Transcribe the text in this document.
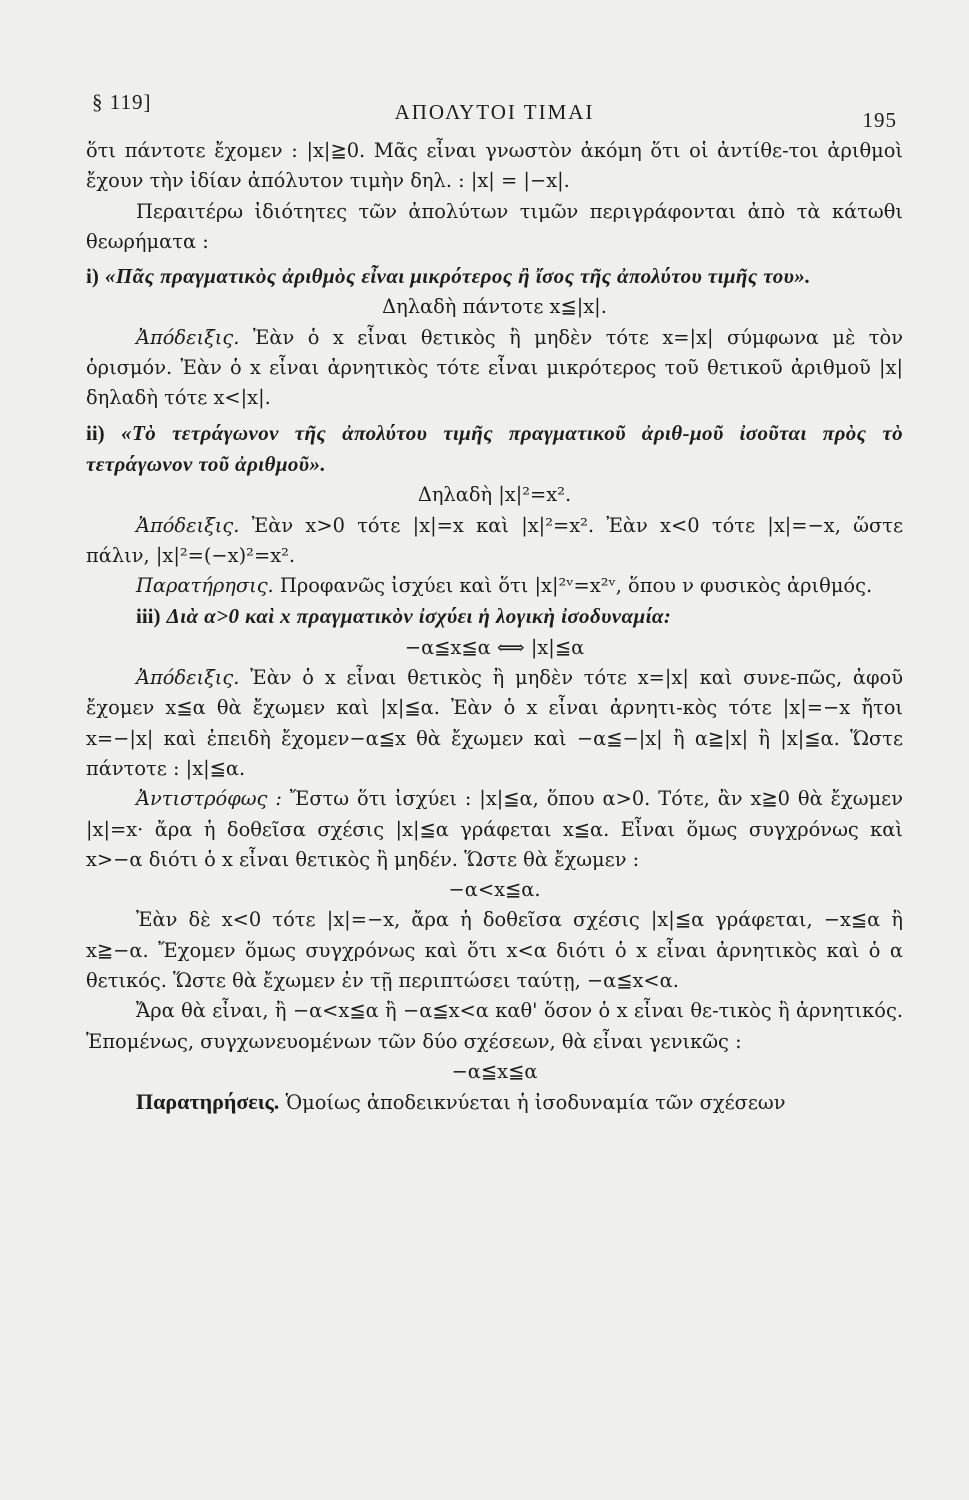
§ 119]	ΑΠΟΛΥΤΟΙ ΤΙΜΑΙ	195

ὅτι πάντοτε ἔχομεν : |x|≧0. Μᾶς εἶναι γνωστὸν ἀκόμη ὅτι οἱ ἀντίθε-τοι ἀριθμοὶ ἔχουν τὴν ἰδίαν ἀπόλυτον τιμὴν δηλ. : |x| = |−x|.

Περαιτέρω ἰδιότητες τῶν ἀπολύτων τιμῶν περιγράφονται ἀπὸ τὰ κάτωθι θεωρήματα :

i) «Πᾶς πραγματικὸς ἀριθμὸς εἶναι μικρότερος ἢ ἴσος τῆς ἀπολύτου τιμῆς του».

Δηλαδὴ πάντοτε x≦|x|.

Ἀπόδειξις. Ἐὰν ὁ x εἶναι θετικὸς ἢ μηδὲν τότε x=|x| σύμφωνα μὲ τὸν ὁρισμόν. Ἐὰν ὁ x εἶναι ἀρνητικὸς τότε εἶναι μικρότερος τοῦ θετικοῦ ἀριθμοῦ |x| δηλαδὴ τότε x<|x|.

ii) «Τὸ τετράγωνον τῆς ἀπολύτου τιμῆς πραγματικοῦ ἀριθ-μοῦ ἰσοῦται πρὸς τὸ τετράγωνον τοῦ ἀριθμοῦ».

Δηλαδὴ |x|²=x².

Ἀπόδειξις. Ἐὰν x>0 τότε |x|=x καὶ |x|²=x². Ἐὰν x<0 τότε |x|=−x, ὥστε πάλιν, |x|²=(−x)²=x².

Παρατήρησις. Προφανῶς ἰσχύει καὶ ὅτι |x|²ᵛ=x²ᵛ, ὅπου ν φυσικὸς ἀριθμός.

iii) Διὰ α>0 καὶ x πραγματικὸν ἰσχύει ἡ λογικὴ ἰσοδυναμία:

−α≦x≦α ⟺ |x|≦α

Ἀπόδειξις. Ἐὰν ὁ x εἶναι θετικὸς ἢ μηδὲν τότε x=|x| καὶ συνε-πῶς, ἀφοῦ ἔχομεν x≦α θὰ ἔχωμεν καὶ |x|≦α. Ἐὰν ὁ x εἶναι ἀρνητι-κὸς τότε |x|=−x ἤτοι x=−|x| καὶ ἐπειδὴ ἔχομεν−α≦x θὰ ἔχωμεν καὶ −α≦−|x| ἢ α≧|x| ἢ |x|≦α. Ὥστε πάντοτε : |x|≦α.

Ἀντιστρόφως : Ἔστω ὅτι ἰσχύει : |x|≦α, ὅπου α>0. Τότε, ἂν x≧0 θὰ ἔχωμεν |x|=x· ἄρα ἡ δοθεῖσα σχέσις |x|≦α γράφεται x≦α. Εἶναι ὅμως συγχρόνως καὶ x>−α διότι ὁ x εἶναι θετικὸς ἢ μηδέν. Ὥστε θὰ ἔχωμεν :

−α<x≦α.

Ἐὰν δὲ x<0 τότε |x|=−x, ἄρα ἡ δοθεῖσα σχέσις |x|≦α γράφεται, −x≦α ἢ x≧−α. Ἔχομεν ὅμως συγχρόνως καὶ ὅτι x<α διότι ὁ x εἶναι ἀρνητικὸς καὶ ὁ α θετικός. Ὥστε θὰ ἔχωμεν ἐν τῇ περιπτώσει ταύτῃ, −α≦x<α.

Ἄρα θὰ εἶναι, ἢ −α<x≦α ἢ −α≦x<α καθ' ὅσον ὁ x εἶναι θε-τικὸς ἢ ἀρνητικός. Ἑπομένως, συγχωνευομένων τῶν δύο σχέσεων, θὰ εἶναι γενικῶς :

−α≦x≦α

Παρατηρήσεις. Ὁμοίως ἀποδεικνύεται ἡ ἰσοδυναμία τῶν σχέσεων
